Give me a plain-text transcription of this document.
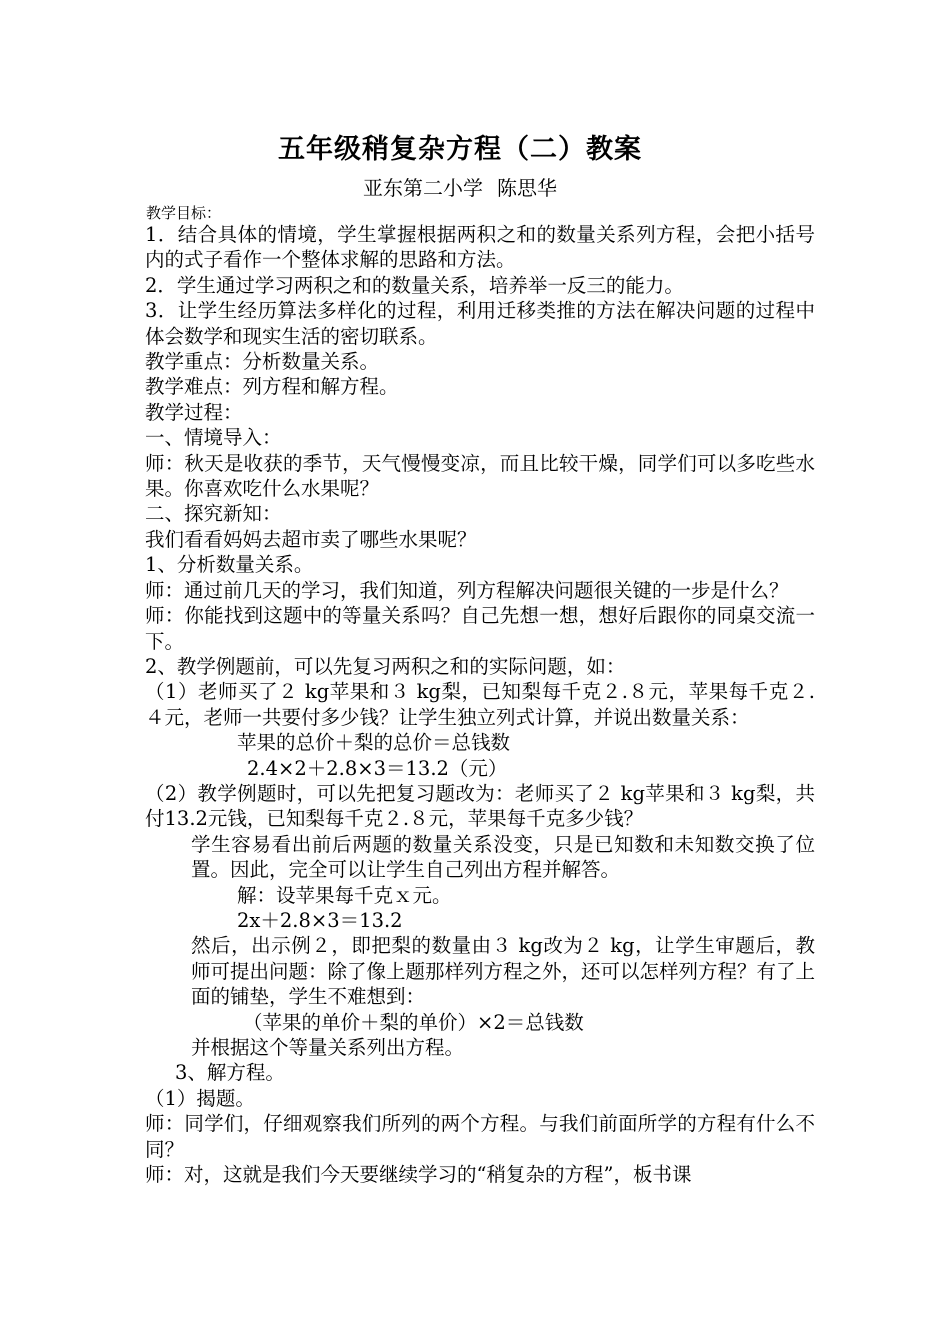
五年级稍复杂方程（二）教案
亚东第二小学 陈思华
教学目标：

1．结合具体的情境，学生掌握根据两积之和的数量关系列方程，会把小括号内的式子看作一个整体求解的思路和方法。

2．学生通过学习两积之和的数量关系，培养举一反三的能力。

3．让学生经历算法多样化的过程，利用迁移类推的方法在解决问题的过程中体会数学和现实生活的密切联系。

教学重点：分析数量关系。

教学难点：列方程和解方程。

教学过程：

一、情境导入：

师：秋天是收获的季节，天气慢慢变凉，而且比较干燥，同学们可以多吃些水果。你喜欢吃什么水果呢？

二、探究新知：

我们看看妈妈去超市卖了哪些水果呢？

1、分析数量关系。

师：通过前几天的学习，我们知道，列方程解决问题很关键的一步是什么？

师：你能找到这题中的等量关系吗？自己先想一想，想好后跟你的同桌交流一下。

2、教学例题前，可以先复习两积之和的实际问题，如：

（1）老师买了２ kg苹果和３ kg梨，已知梨每千克２.８元，苹果每千克２.４元，老师一共要付多少钱？让学生独立列式计算，并说出数量关系：

苹果的总价＋梨的总价＝总钱数

2.4×2＋2.8×3＝13.2（元）

（2）教学例题时，可以先把复习题改为：老师买了２ kg苹果和３ kg梨，共付13.2元钱，已知梨每千克２.８元，苹果每千克多少钱？

学生容易看出前后两题的数量关系没变，只是已知数和未知数交换了位置。因此，完全可以让学生自己列出方程并解答。

解：设苹果每千克ｘ元。

2x＋2.8×3＝13.2

然后，出示例２，即把梨的数量由３ kg改为２ kg，让学生审题后，教师可提出问题：除了像上题那样列方程之外，还可以怎样列方程？有了上面的铺垫，学生不难想到：

（苹果的单价＋梨的单价）×2＝总钱数

并根据这个等量关系列出方程。

3、解方程。

（1）揭题。

师：同学们，仔细观察我们所列的两个方程。与我们前面所学的方程有什么不同？

师：对，这就是我们今天要继续学习的“稍复杂的方程”，板书课
